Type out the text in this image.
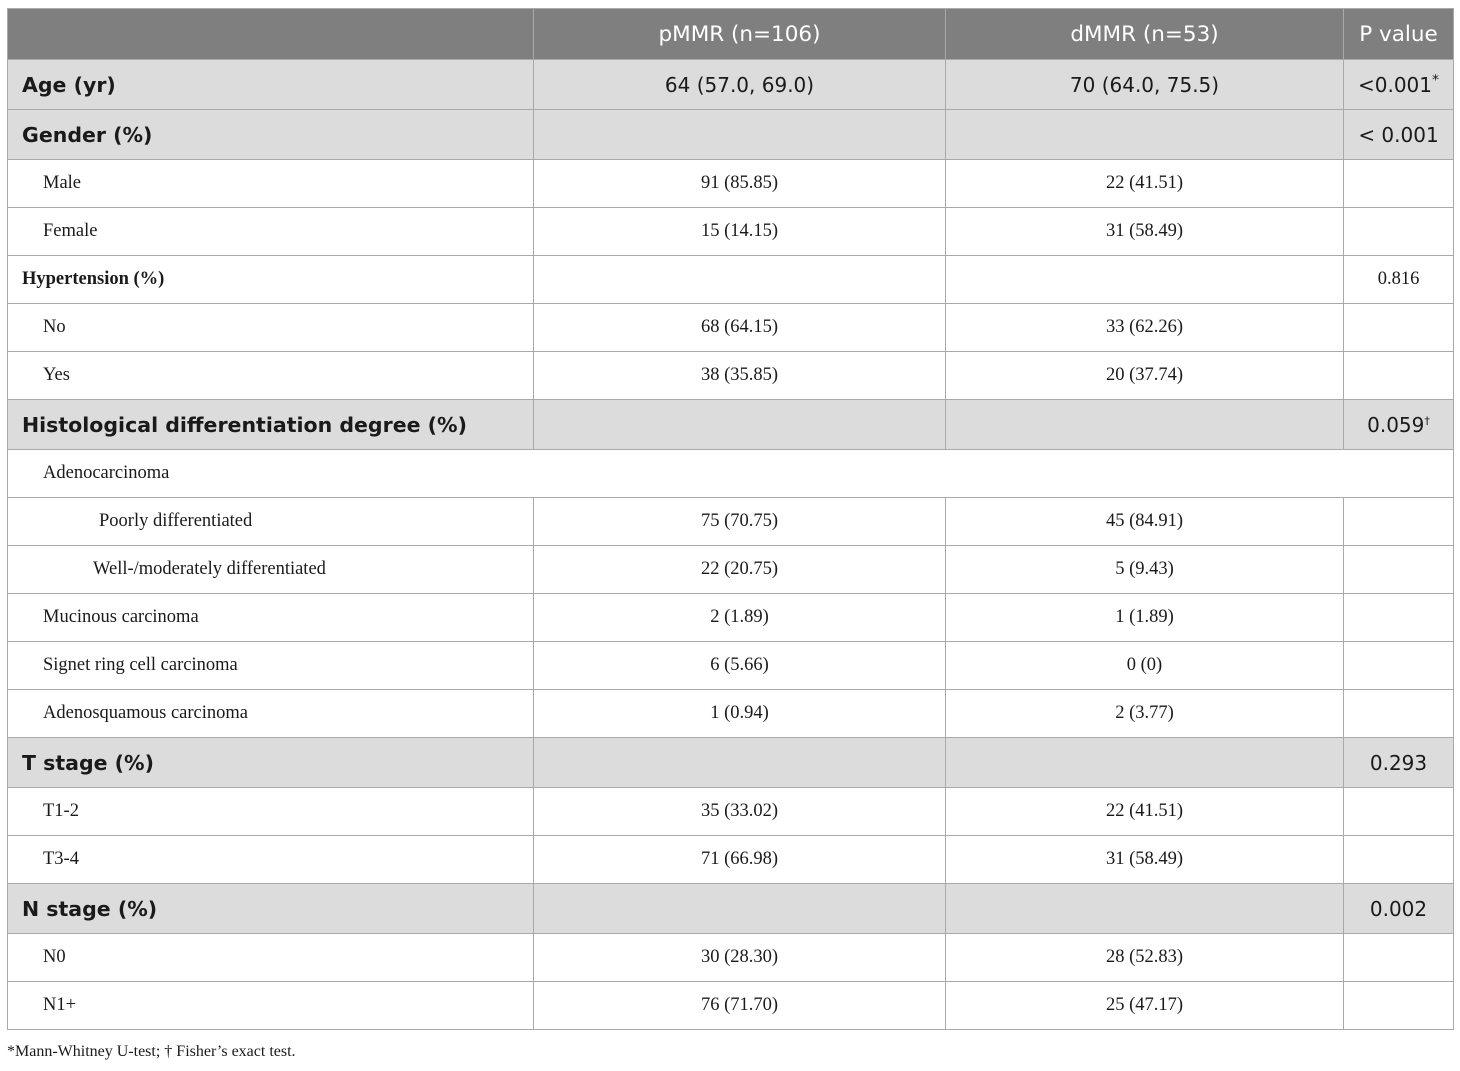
	pMMR (n=106)	dMMR (n=53)	P value
Age (yr)	64 (57.0, 69.0)	70 (64.0, 75.5)	<0.001*
Gender (%)			< 0.001
Male	91 (85.85)	22 (41.51)	
Female	15 (14.15)	31 (58.49)	
Hypertension (%)			0.816
No	68 (64.15)	33 (62.26)	
Yes	38 (35.85)	20 (37.74)	
Histological differentiation degree (%)			0.059†
Adenocarcinoma			
Poorly differentiated	75 (70.75)	45 (84.91)	
Well-/moderately differentiated	22 (20.75)	5 (9.43)	
Mucinous carcinoma	2 (1.89)	1 (1.89)	
Signet ring cell carcinoma	6 (5.66)	0 (0)	
Adenosquamous carcinoma	1 (0.94)	2 (3.77)	
T stage (%)			0.293
T1-2	35 (33.02)	22 (41.51)	
T3-4	71 (66.98)	31 (58.49)	
N stage (%)			0.002
N0	30 (28.30)	28 (52.83)	
N1+	76 (71.70)	25 (47.17)	
*Mann-Whitney U-test; † Fisher’s exact test.
